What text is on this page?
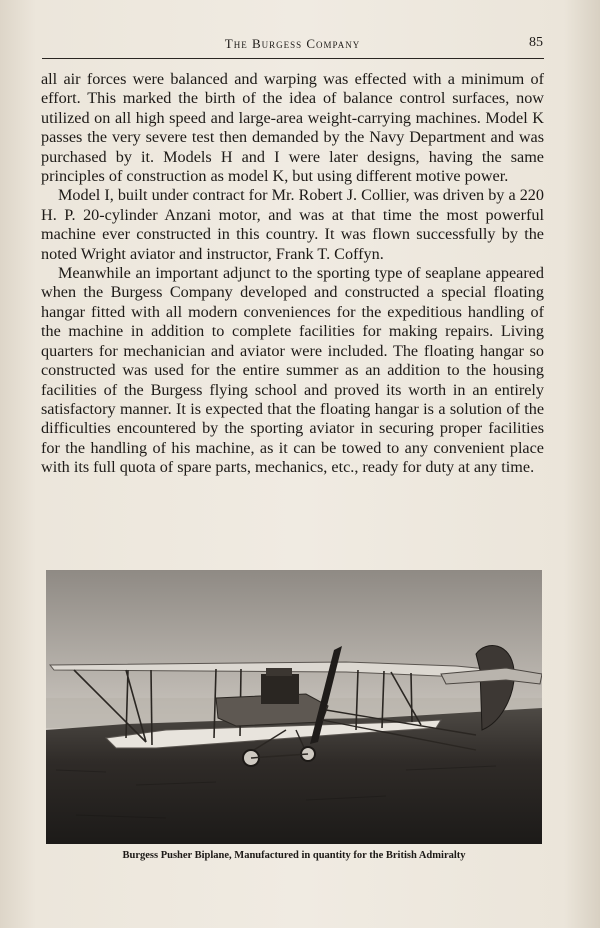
The Burgess Company	85

all air forces were balanced and warping was effected with a minimum of effort. This marked the birth of the idea of balance control surfaces, now utilized on all high speed and large-area weight-carrying machines. Model K passes the very severe test then demanded by the Navy Department and was purchased by it. Models H and I were later designs, having the same principles of construction as model K, but using different motive power.

Model I, built under contract for Mr. Robert J. Collier, was driven by a 220 H. P. 20-cylinder Anzani motor, and was at that time the most powerful machine ever constructed in this country. It was flown successfully by the noted Wright aviator and instructor, Frank T. Coffyn.

Meanwhile an important adjunct to the sporting type of seaplane appeared when the Burgess Company developed and constructed a special floating hangar fitted with all modern conveniences for the expeditious handling of the machine in addition to complete facilities for making repairs. Living quarters for mechanician and aviator were included. The floating hangar so constructed was used for the entire summer as an addition to the housing facilities of the Burgess flying school and proved its worth in an entirely satisfactory manner. It is expected that the floating hangar is a solution of the difficulties encountered by the sporting aviator in securing proper facilities for the handling of his machine, as it can be towed to any convenient place with its full quota of spare parts, mechanics, etc., ready for duty at any time.

Burgess Pusher Biplane, Manufactured in quantity for the British Admiralty
